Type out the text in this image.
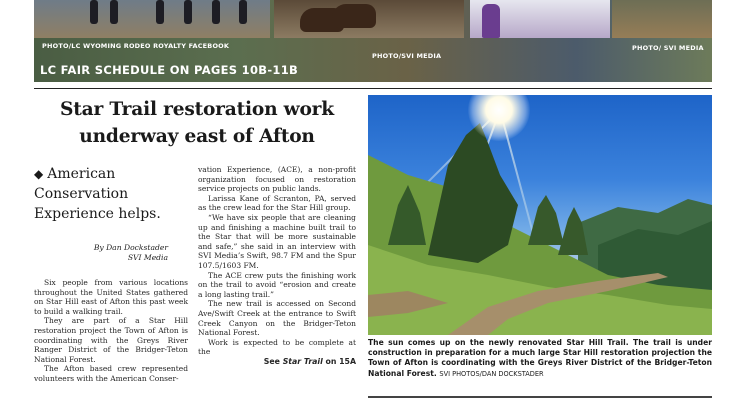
PHOTO/LC WYOMING RODEO ROYALTY FACEBOOK
PHOTO/SVI MEDIA
PHOTO/ SVI MEDIA
LC FAIR SCHEDULE ON PAGES 10B-11B
Star Trail restoration work underway east of Afton
◆ American Conservation Experience helps.
By Dan Dockstader
SVI Media

Six people from various locations throughout the United States gathered on Star Hill east of Afton this past week to build a walking trail.

They are part of a Star Hill restoration project the Town of Afton is coordinating with the Greys River Ranger District of the Bridger-Teton National Forest.

The Afton based crew represented volunteers with the American Conser-

vation Experience, (ACE), a non-profit organization focused on restoration service projects on public lands.

Larissa Kane of Scranton, PA, served as the crew lead for the Star Hill group.

“We have six people that are cleaning up and finishing a machine built trail to the Star that will be more sustainable and safe,” she said in an interview with SVI Media’s Swift, 98.7 FM and the Spur 107.5/1603 FM.

The ACE crew puts the finishing work on the trail to avoid “erosion and create a long lasting trail.”

The new trail is accessed on Second Ave/Swift Creek at the entrance to Swift Creek Canyon on the Bridger-Teton National Forest.

Work is expected to be complete at the

See Star Trail on 15A
The sun comes up on the newly renovated Star Hill Trail. The trail is under construction in preparation for a much large Star Hill restoration projection the Town of Afton is coordinating with the Greys River District of the Bridger-Teton National Forest. SVI PHOTOS/DAN DOCKSTADER
